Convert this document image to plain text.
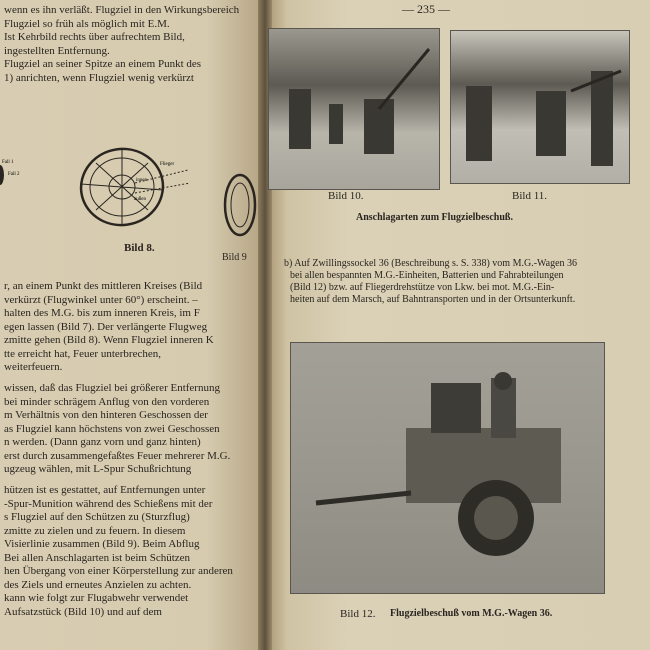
wenn es ihn verläßt. Flugziel in den Wirkungsbereich
Flugziel so früh als möglich mit E.M.
Ist Kehrbild rechts über aufrechtem Bild,
ingestellten Entfernung.
Flugziel an seiner Spitze an einem Punkt des
1) anrichten, wenn Flugziel wenig verkürzt
Fall 1
Fall 2
Flieger
innen
außen
Bild 8.
Bild 9
r, an einem Punkt des mittleren Kreises (Bild
verkürzt (Flugwinkel unter 60°) erscheint. –
halten des M.G. bis zum inneren Kreis, im F
egen lassen (Bild 7). Der verlängerte Flugweg
zmitte gehen (Bild 8). Wenn Flugziel inneren K
tte erreicht hat, Feuer unterbrechen,
weiterfeuern.
wissen, daß das Flugziel bei größerer Entfernung
bei minder schrägem Anflug von den vorderen
m Verhältnis von den hinteren Geschossen der
as Flugziel kann höchstens von zwei Geschossen
n werden. (Dann ganz vorn und ganz hinten)
erst durch zusammengefaßtes Feuer mehrerer M.G.
ugzeug wählen, mit L-Spur Schußrichtung
hützen ist es gestattet, auf Entfernungen unter
-Spur-Munition während des Schießens mit der
s Flugziel auf den Schützen zu (Sturzflug)
zmitte zu zielen und zu feuern. In diesem
Visierlinie zusammen (Bild 9). Beim Abflug
Bei allen Anschlagarten ist beim Schützen
hen Übergang von einer Körperstellung zur anderen
des Ziels und erneutes Anzielen zu achten.
kann wie folgt zur Flugabwehr verwendet
Aufsatzstück (Bild 10) und auf dem
— 235 —
Bild 10.	Bild 11.
Anschlagarten zum Flugzielbeschuß.
b) Auf Zwillingssockel 36 (Beschreibung s. S. 338) vom M.G.-Wagen 36
bei allen bespannten M.G.-Einheiten, Batterien und Fahrabteilungen
(Bild 12) bzw. auf Fliegerdrehstütze von Lkw. bei mot. M.G.-Ein-
heiten auf dem Marsch, auf Bahntransporten und in der Ortsunterkunft.
Bild 12. Flugzielbeschuß vom M.G.-Wagen 36.
